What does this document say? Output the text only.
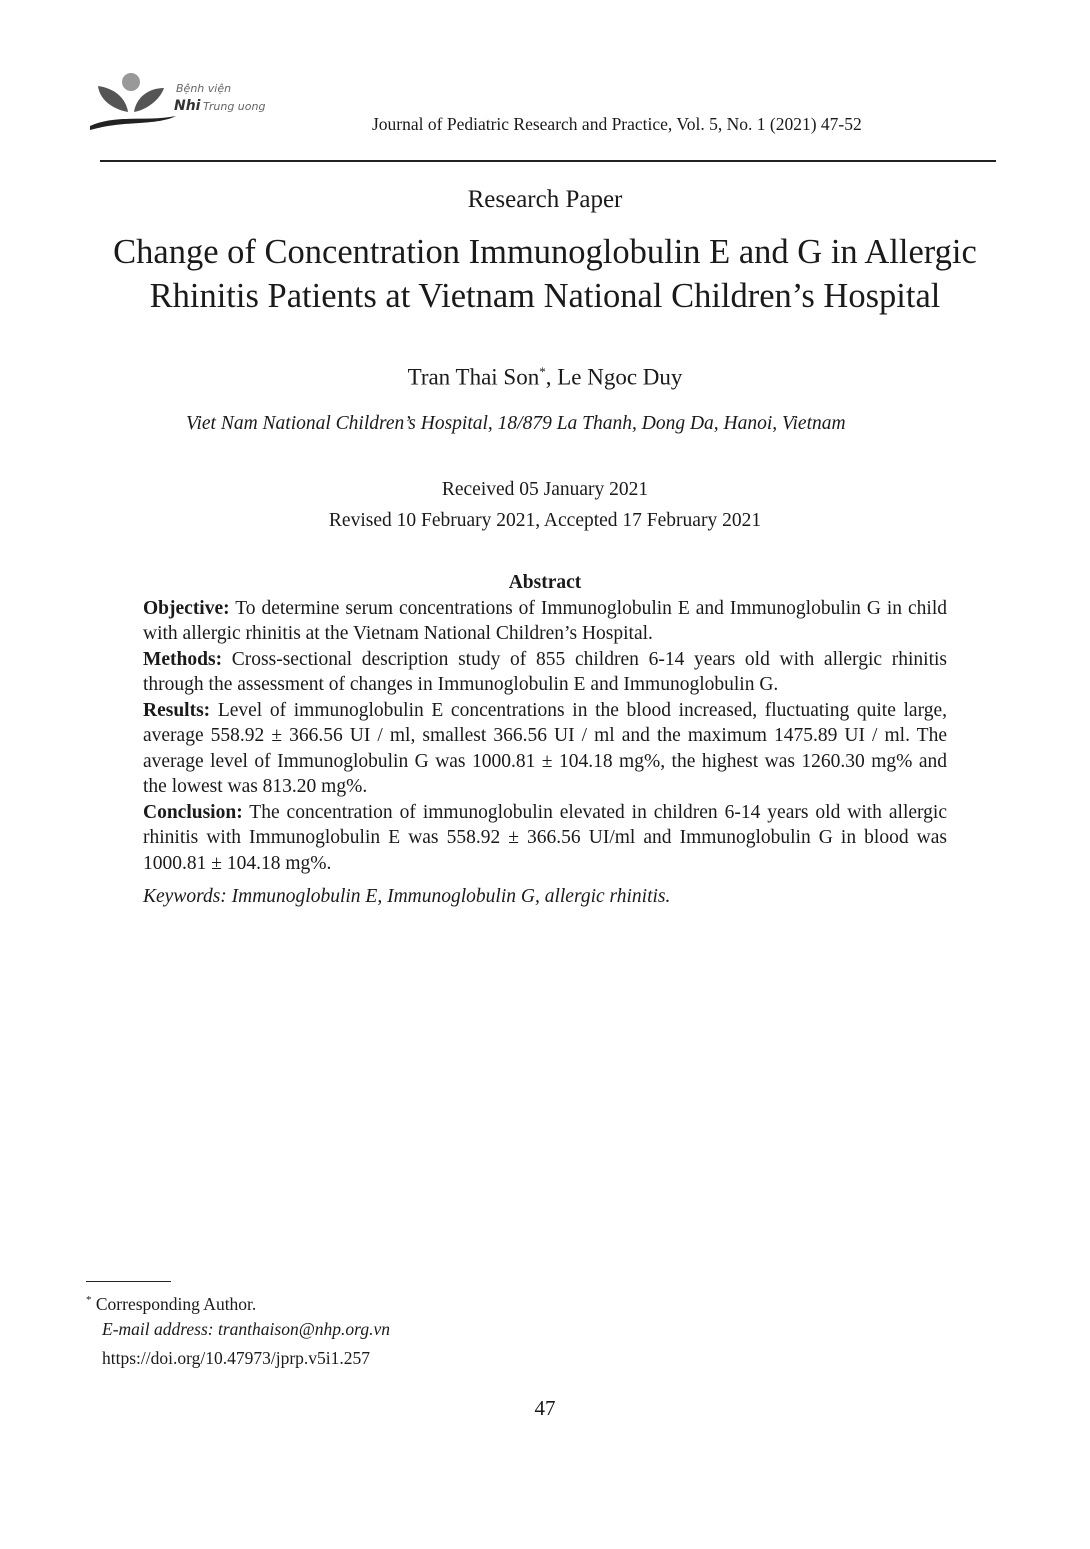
Bệnh viện
Nhi Trung uong
Journal of Pediatric Research and Practice, Vol. 5, No. 1 (2021) 47-52
Research Paper
Change of Concentration Immunoglobulin E and G in Allergic
Rhinitis Patients at Vietnam National Children’s Hospital
Tran Thai Son*, Le Ngoc Duy
Viet Nam National Children’s Hospital, 18/879 La Thanh, Dong Da, Hanoi, Vietnam
Received 05 January 2021
Revised 10 February 2021, Accepted 17 February 2021
Abstract

Objective: To determine serum concentrations of Immunoglobulin E and Immunoglobulin G in child with allergic rhinitis at the Vietnam National Children’s Hospital.

Methods: Cross-sectional description study of 855 children 6-14 years old with allergic rhinitis through the assessment of changes in Immunoglobulin E and Immunoglobulin G.

Results: Level of immunoglobulin E concentrations in the blood increased, fluctuating quite large, average 558.92 ± 366.56 UI / ml, smallest 366.56 UI / ml and the maximum 1475.89 UI / ml. The average level of Immunoglobulin G was 1000.81 ± 104.18 mg%, the highest was 1260.30 mg% and the lowest was 813.20 mg%.

Conclusion: The concentration of immunoglobulin elevated in children 6-14 years old with allergic rhinitis with Immunoglobulin E was 558.92 ± 366.56 UI/ml and Immunoglobulin G in blood was 1000.81 ± 104.18 mg%.

Keywords: Immunoglobulin E, Immunoglobulin G, allergic rhinitis.

* Corresponding Author.
E-mail address: tranthaison@nhp.org.vn
https://doi.org/10.47973/jprp.v5i1.257
47
